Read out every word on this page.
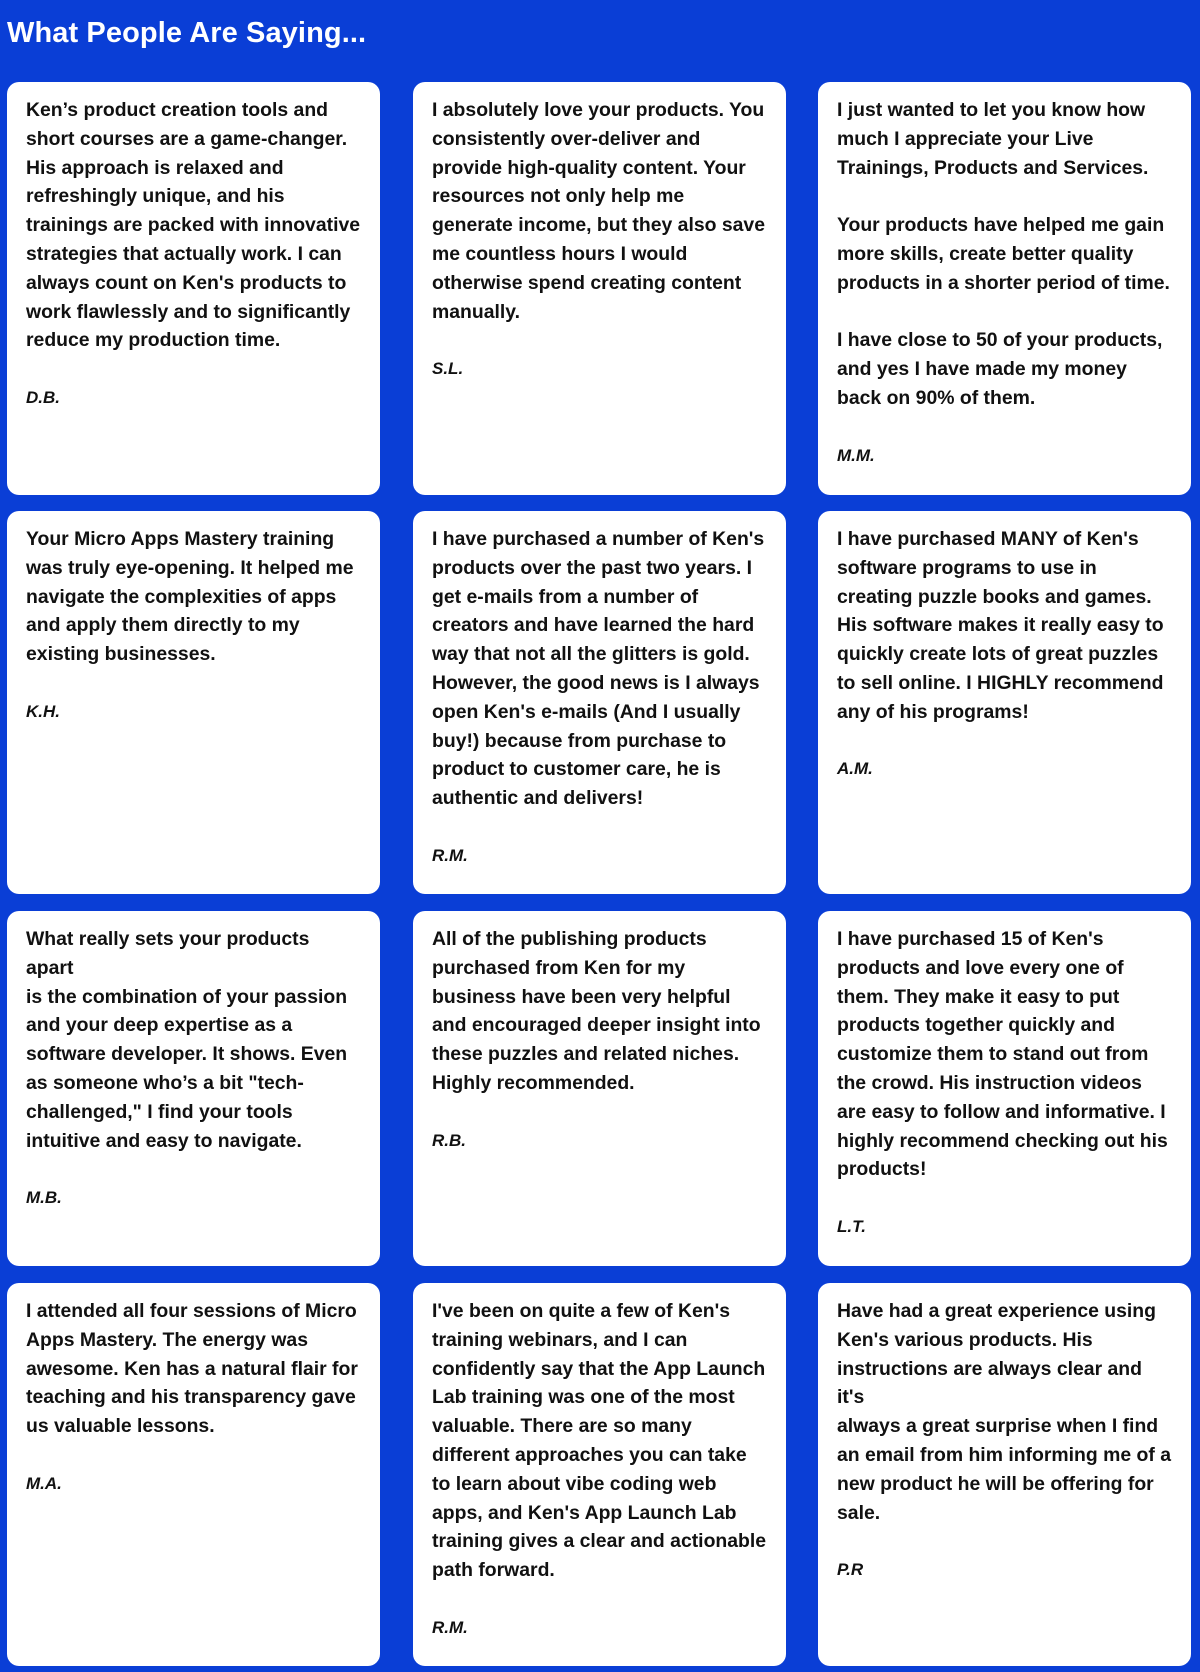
What People Are Saying...

Ken’s product creation tools and
short courses are a game-changer.
His approach is relaxed and
refreshingly unique, and his
trainings are packed with innovative
strategies that actually work. I can
always count on Ken's products to
work flawlessly and to significantly
reduce my production time.

D.B.

I absolutely love your products. You
consistently over-deliver and
provide high-quality content. Your
resources not only help me
generate income, but they also save
me countless hours I would
otherwise spend creating content
manually.

S.L.

I just wanted to let you know how
much I appreciate your Live
Trainings, Products and Services.

Your products have helped me gain
more skills, create better quality
products in a shorter period of time.

I have close to 50 of your products,
and yes I have made my money
back on 90% of them.

M.M.

Your Micro Apps Mastery training
was truly eye-opening. It helped me
navigate the complexities of apps
and apply them directly to my
existing businesses.

K.H.

I have purchased a number of Ken's
products over the past two years. I
get e-mails from a number of
creators and have learned the hard
way that not all the glitters is gold.
However, the good news is I always
open Ken's e-mails (And I usually
buy!) because from purchase to
product to customer care, he is
authentic and delivers!

R.M.

I have purchased MANY of Ken's
software programs to use in
creating puzzle books and games.
His software makes it really easy to
quickly create lots of great puzzles
to sell online. I HIGHLY recommend
any of his programs!

A.M.

What really sets your products apart
is the combination of your passion
and your deep expertise as a
software developer. It shows. Even
as someone who’s a bit "tech-
challenged," I find your tools
intuitive and easy to navigate.

M.B.

All of the publishing products
purchased from Ken for my
business have been very helpful
and encouraged deeper insight into
these puzzles and related niches.
Highly recommended.

R.B.

I have purchased 15 of Ken's
products and love every one of
them. They make it easy to put
products together quickly and
customize them to stand out from
the crowd. His instruction videos
are easy to follow and informative. I
highly recommend checking out his
products!

L.T.

I attended all four sessions of Micro
Apps Mastery. The energy was
awesome. Ken has a natural flair for
teaching and his transparency gave
us valuable lessons.

M.A.

I've been on quite a few of Ken's
training webinars, and I can
confidently say that the App Launch
Lab training was one of the most
valuable. There are so many
different approaches you can take
to learn about vibe coding web
apps, and Ken's App Launch Lab
training gives a clear and actionable
path forward.

R.M.

Have had a great experience using
Ken's various products. His
instructions are always clear and it's
always a great surprise when I find
an email from him informing me of a
new product he will be offering for
sale.

P.R
